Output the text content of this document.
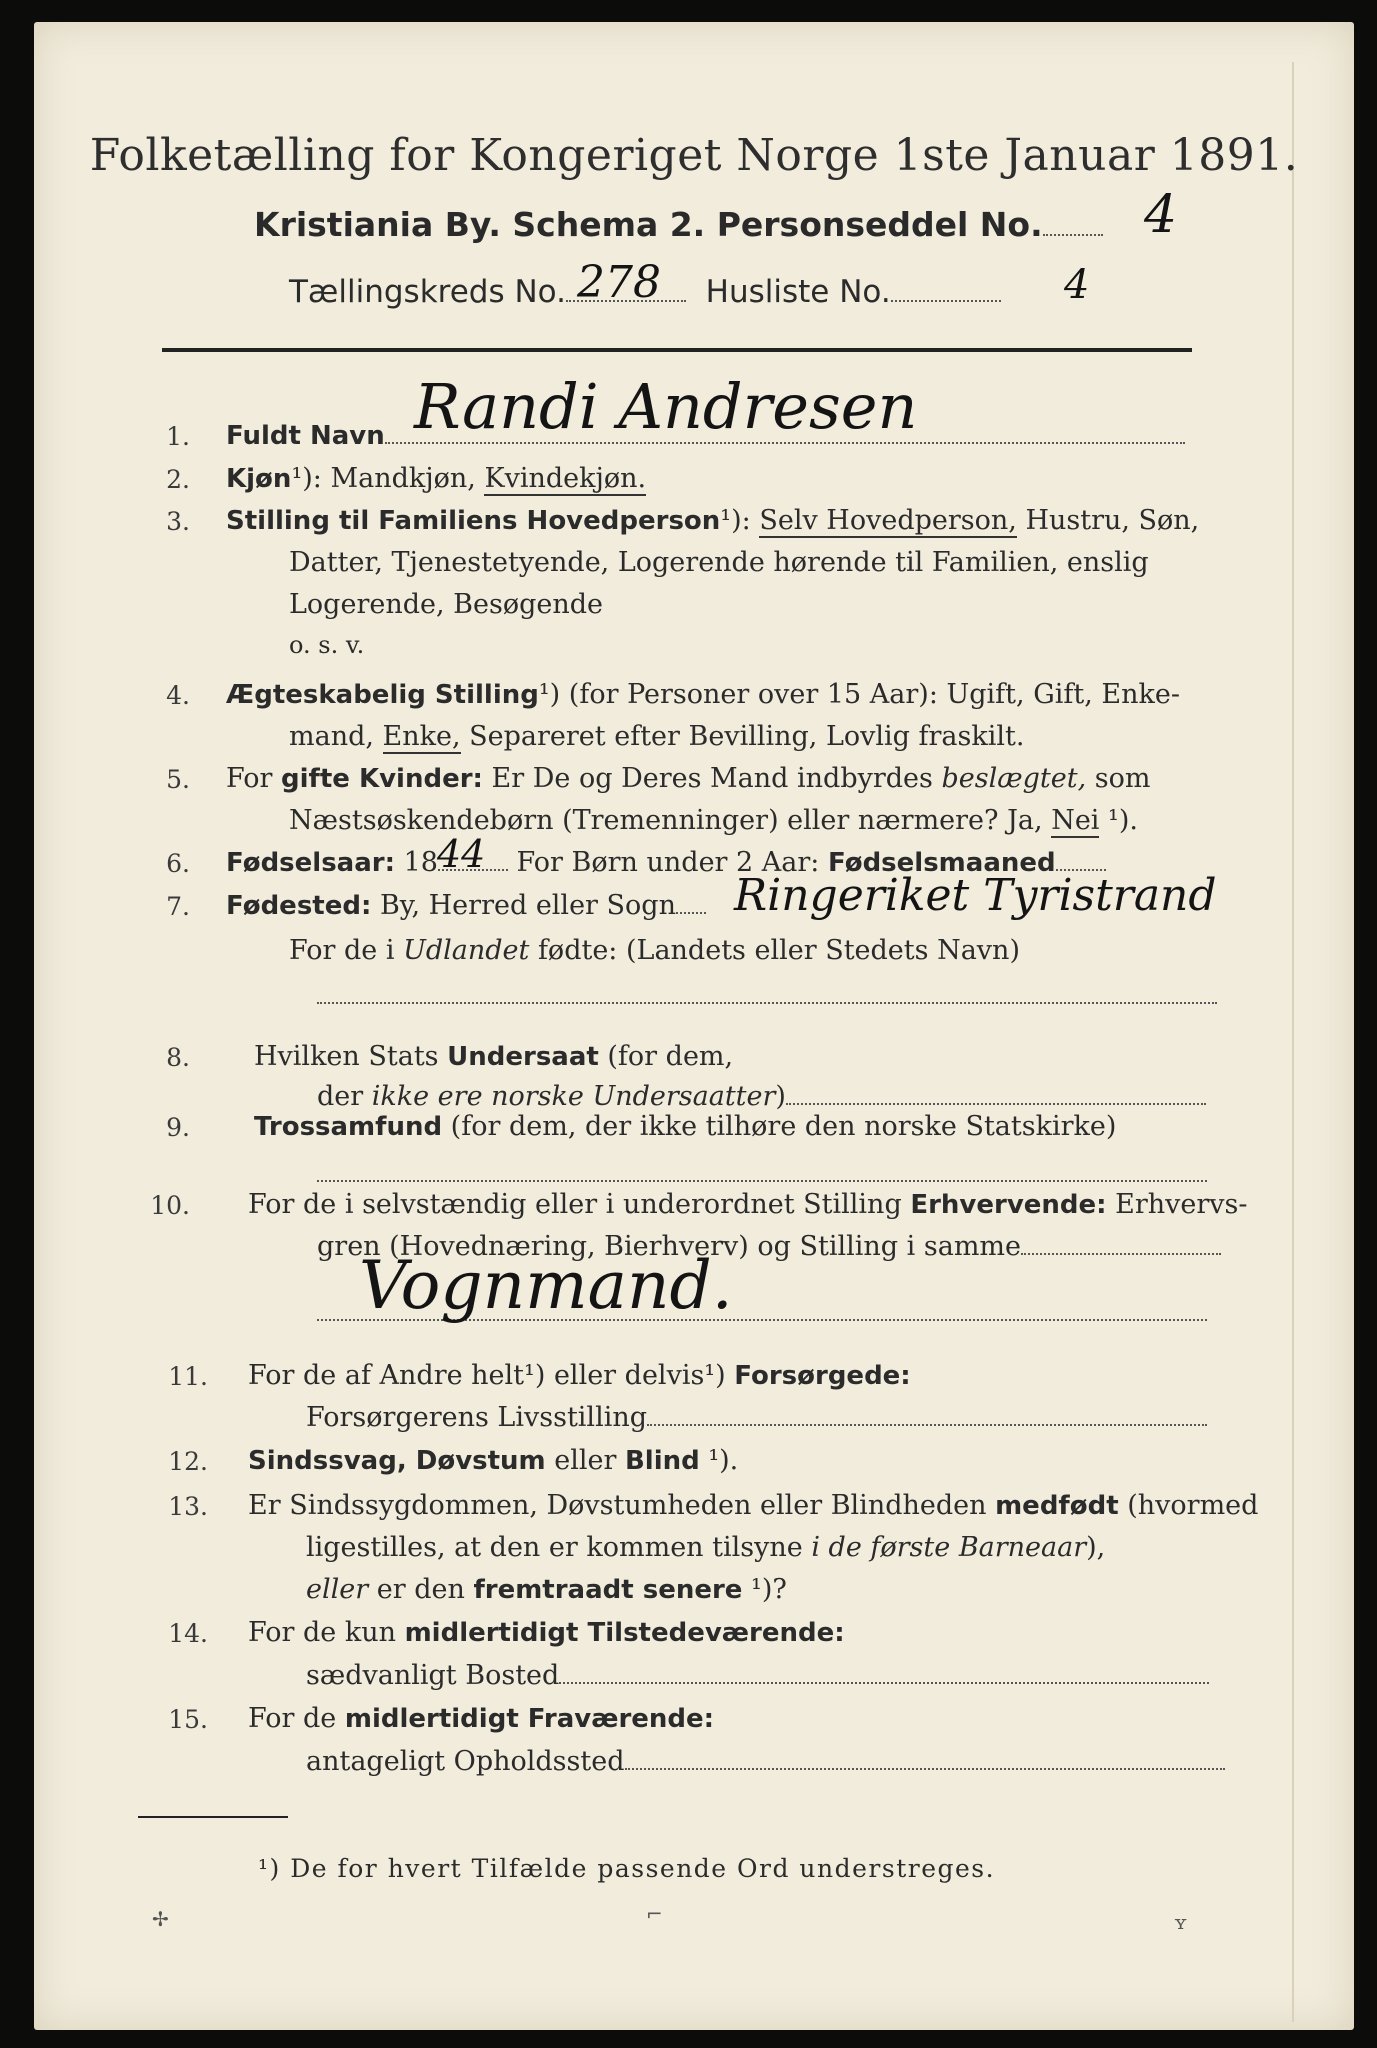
Folketælling for Kongeriget Norge 1ste Januar 1891.
Kristiania By. Schema 2. Personseddel No.	4
Tællingskreds No.	Husliste No.
278	4
1. Fuldt Navn Randi Andresen
2. Kjøn¹): Mandkjøn, Kvindekjøn.
3. Stilling til Familiens Hovedperson¹): Selv Hovedperson, Hustru, Søn,
Datter, Tjenestetyende, Logerende hørende til Familien, enslig
Logerende, Besøgende
o. s. v.
4. Ægteskabelig Stilling¹) (for Personer over 15 Aar): Ugift, Gift, Enke-
mand, Enke, Separeret efter Bevilling, Lovlig fraskilt.
5. For gifte Kvinder: Er De og Deres Mand indbyrdes beslægtet, som
Næstsøskendebørn (Tremenninger) eller nærmere? Ja, Nei ¹).
6. Fødselsaar: 18	For Børn under 2 Aar: Fødselsmaaned
44
7. Fødested: By, Herred eller Sogn	Ringeriket Tyristrand
For de i Udlandet fødte: (Landets eller Stedets Navn)
8. Hvilken Stats Undersaat (for dem,
der ikke ere norske Undersaatter)
9. Trossamfund (for dem, der ikke tilhøre den norske Statskirke)
10. For de i selvstændig eller i underordnet Stilling Erhvervende: Erhvervs-
gren (Hovednæring, Bierhverv) og Stilling i samme
Vognmand.
11. For de af Andre helt¹) eller delvis¹) Forsørgede:
Forsørgerens Livsstilling
12. Sindssvag, Døvstum eller Blind ¹).
13. Er Sindssygdommen, Døvstumheden eller Blindheden medfødt (hvormed
ligestilles, at den er kommen tilsyne i de første Barneaar),
eller er den fremtraadt senere ¹)?
14. For de kun midlertidigt Tilstedeværende:
sædvanligt Bosted
15. For de midlertidigt Fraværende:
antageligt Opholdssted
¹) De for hvert Tilfælde passende Ord understreges.
✢	⌐	ʏ
